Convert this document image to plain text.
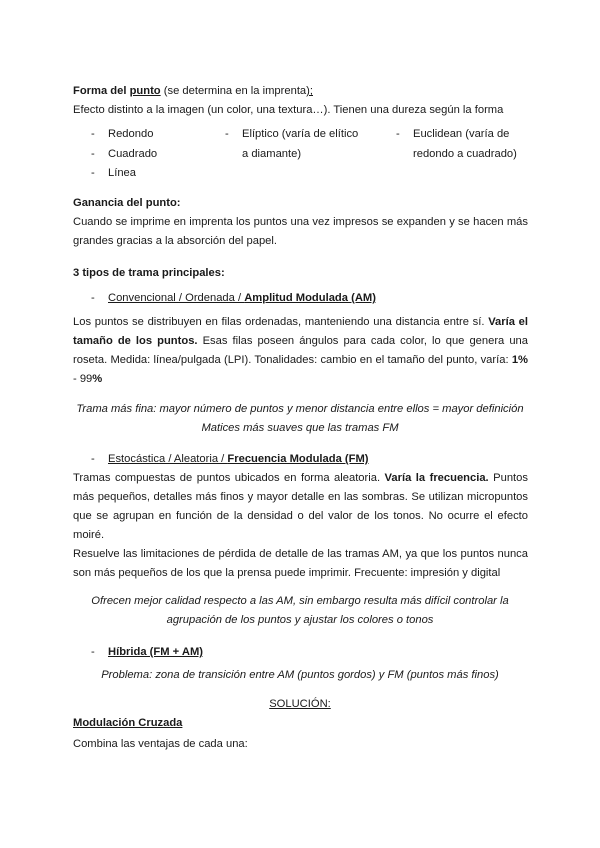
Forma del punto (se determina en la imprenta);
Efecto distinto a la imagen (un color, una textura…). Tienen una dureza según la forma
- Redondo
- Cuadrado
- Línea
- Elíptico (varía de elítico
a diamante)
- Euclidean (varía de
redondo a cuadrado)
Ganancia del punto:
Cuando se imprime en imprenta los puntos una vez impresos se expanden y se hacen más
grandes gracias a la absorción del papel.
3 tipos de trama principales:
- Convencional / Ordenada / Amplitud Modulada (AM)
Los puntos se distribuyen en filas ordenadas, manteniendo una distancia entre sí. Varía el
tamaño de los puntos. Esas filas poseen ángulos para cada color, lo que genera una
roseta. Medida: línea/pulgada (LPI). Tonalidades: cambio en el tamaño del punto, varía: 1%
- 99%
Trama más fina: mayor número de puntos y menor distancia entre ellos = mayor definición
Matices más suaves que las tramas FM
- Estocástica / Aleatoria / Frecuencia Modulada (FM)
Tramas compuestas de puntos ubicados en forma aleatoria. Varía la frecuencia. Puntos
más pequeños, detalles más finos y mayor detalle en las sombras. Se utilizan micropuntos
que se agrupan en función de la densidad o del valor de los tonos. No ocurre el efecto
moiré.
Resuelve las limitaciones de pérdida de detalle de las tramas AM, ya que los puntos nunca
son más pequeños de los que la prensa puede imprimir. Frecuente: impresión y digital
Ofrecen mejor calidad respecto a las AM, sin embargo resulta más difícil controlar la
agrupación de los puntos y ajustar los colores o tonos
- Híbrida (FM + AM)
Problema: zona de transición entre AM (puntos gordos) y FM (puntos más finos)
SOLUCIÓN:
Modulación Cruzada
Combina las ventajas de cada una:
